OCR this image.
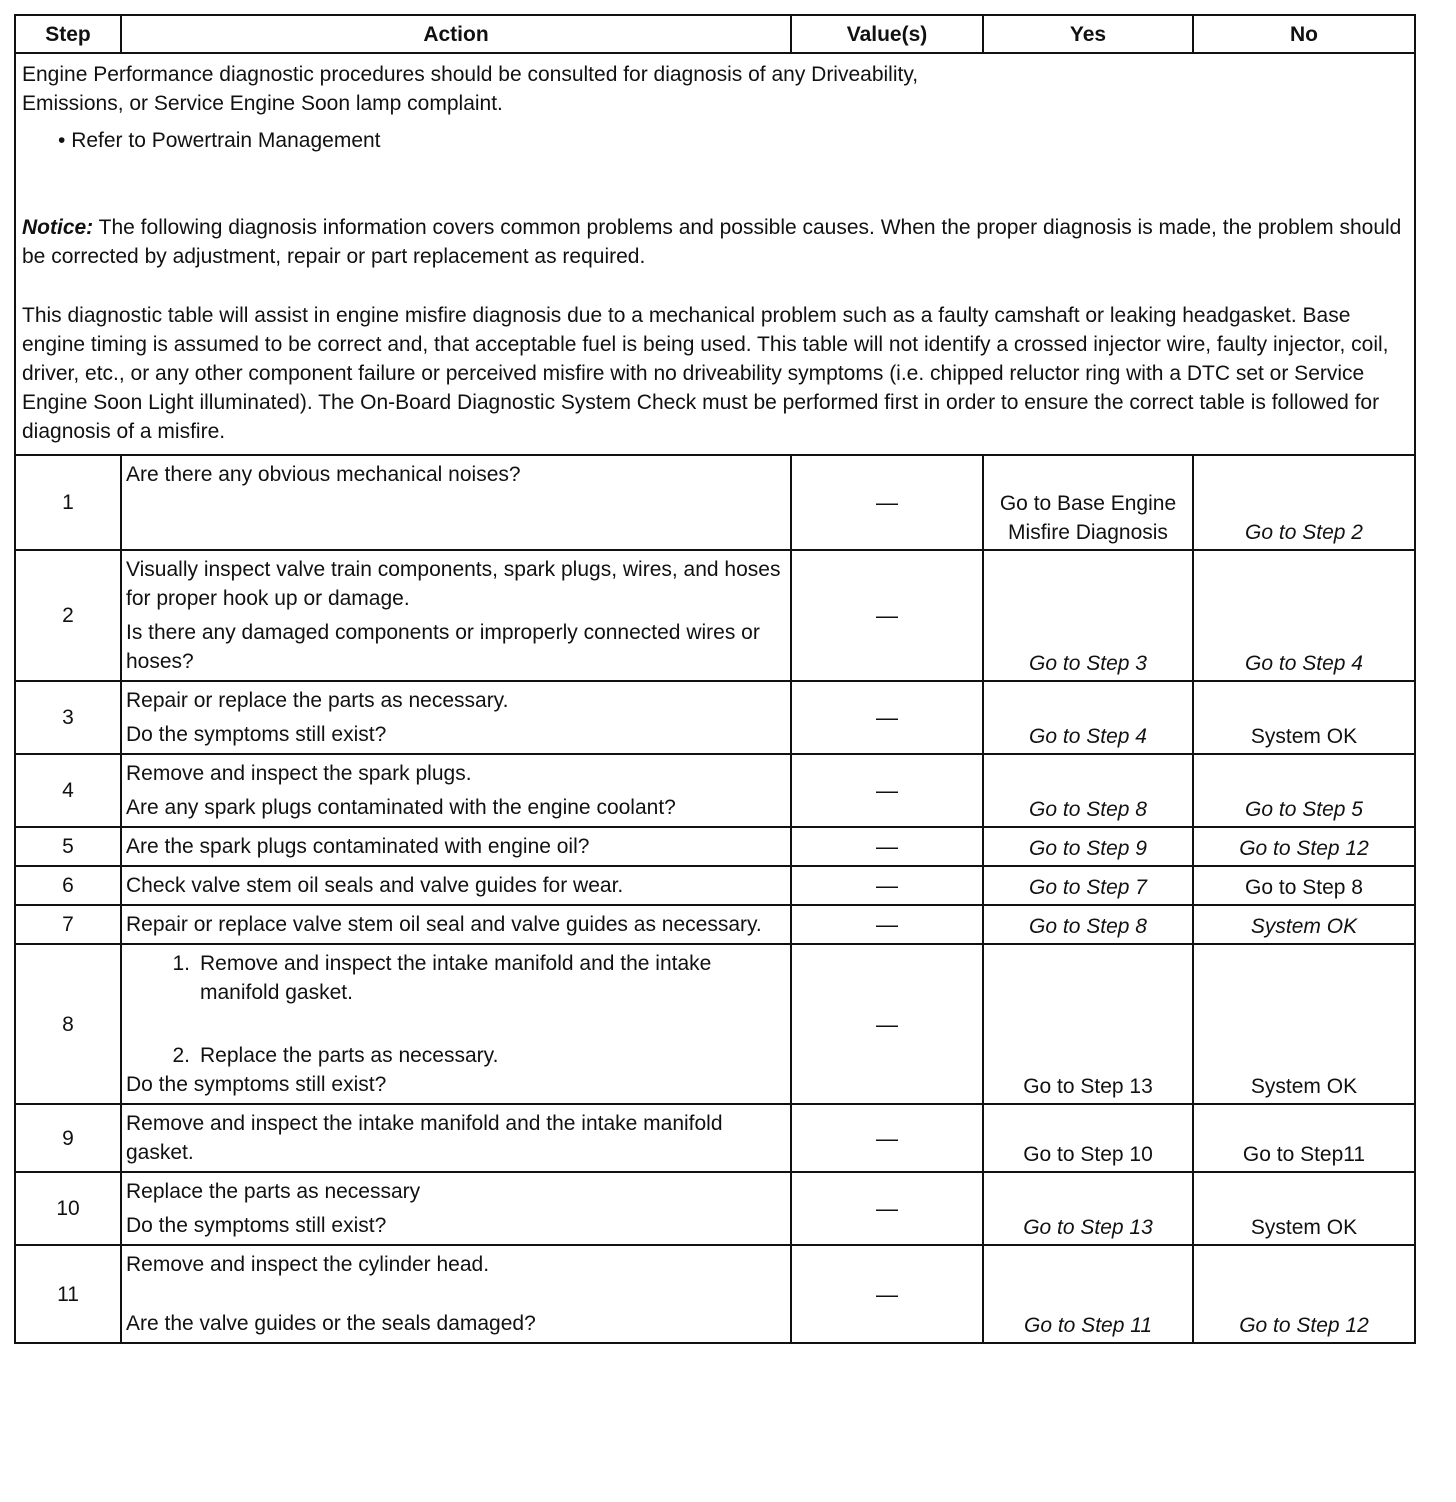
Step	Action	Value(s)	Yes	No

Engine Performance diagnostic procedures should be consulted for diagnosis of any Driveability, Emissions, or Service Engine Soon lamp complaint.

• Refer to Powertrain Management

Notice: The following diagnosis information covers common problems and possible causes. When the proper diagnosis is made, the problem should be corrected by adjustment, repair or part replacement as required.

This diagnostic table will assist in engine misfire diagnosis due to a mechanical problem such as a faulty camshaft or leaking headgasket. Base engine timing is assumed to be correct and, that acceptable fuel is being used. This table will not identify a crossed injector wire, faulty injector, coil, driver, etc., or any other component failure or perceived misfire with no driveability symptoms (i.e. chipped reluctor ring with a DTC set or Service Engine Soon Light illuminated). The On-Board Diagnostic System Check must be performed first in order to ensure the correct table is followed for diagnosis of a misfire.				

1	Are there any obvious mechanical noises?	—	Go to Base Engine Misfire Diagnosis	Go to Step 2
2	Visually inspect valve train components, spark plugs, wires, and hoses for proper hook up or damage.

Is there any damaged components or improperly connected wires or hoses?	—	Go to Step 3	Go to Step 4
3	Repair or replace the parts as necessary.

Do the symptoms still exist?	—	Go to Step 4	System OK
4	Remove and inspect the spark plugs.

Are any spark plugs contaminated with the engine coolant?	—	Go to Step 8	Go to Step 5
5	Are the spark plugs contaminated with engine oil?	—	Go to Step 9	Go to Step 12
6	Check valve stem oil seals and valve guides for wear.	—	Go to Step 7	Go to Step 8
7	Repair or replace valve stem oil seal and valve guides as necessary.	—	Go to Step 8	System OK
8	1. Remove and inspect the intake manifold and the intake manifold gasket.
2. Replace the parts as necessary.

Do the symptoms still exist?	—	Go to Step 13	System OK
9	Remove and inspect the intake manifold and the intake manifold gasket.	—	Go to Step 10	Go to Step11
10	Replace the parts as necessary

Do the symptoms still exist?	—	Go to Step 13	System OK
11	Remove and inspect the cylinder head.

Are the valve guides or the seals damaged?	—	Go to Step 11	Go to Step 12
